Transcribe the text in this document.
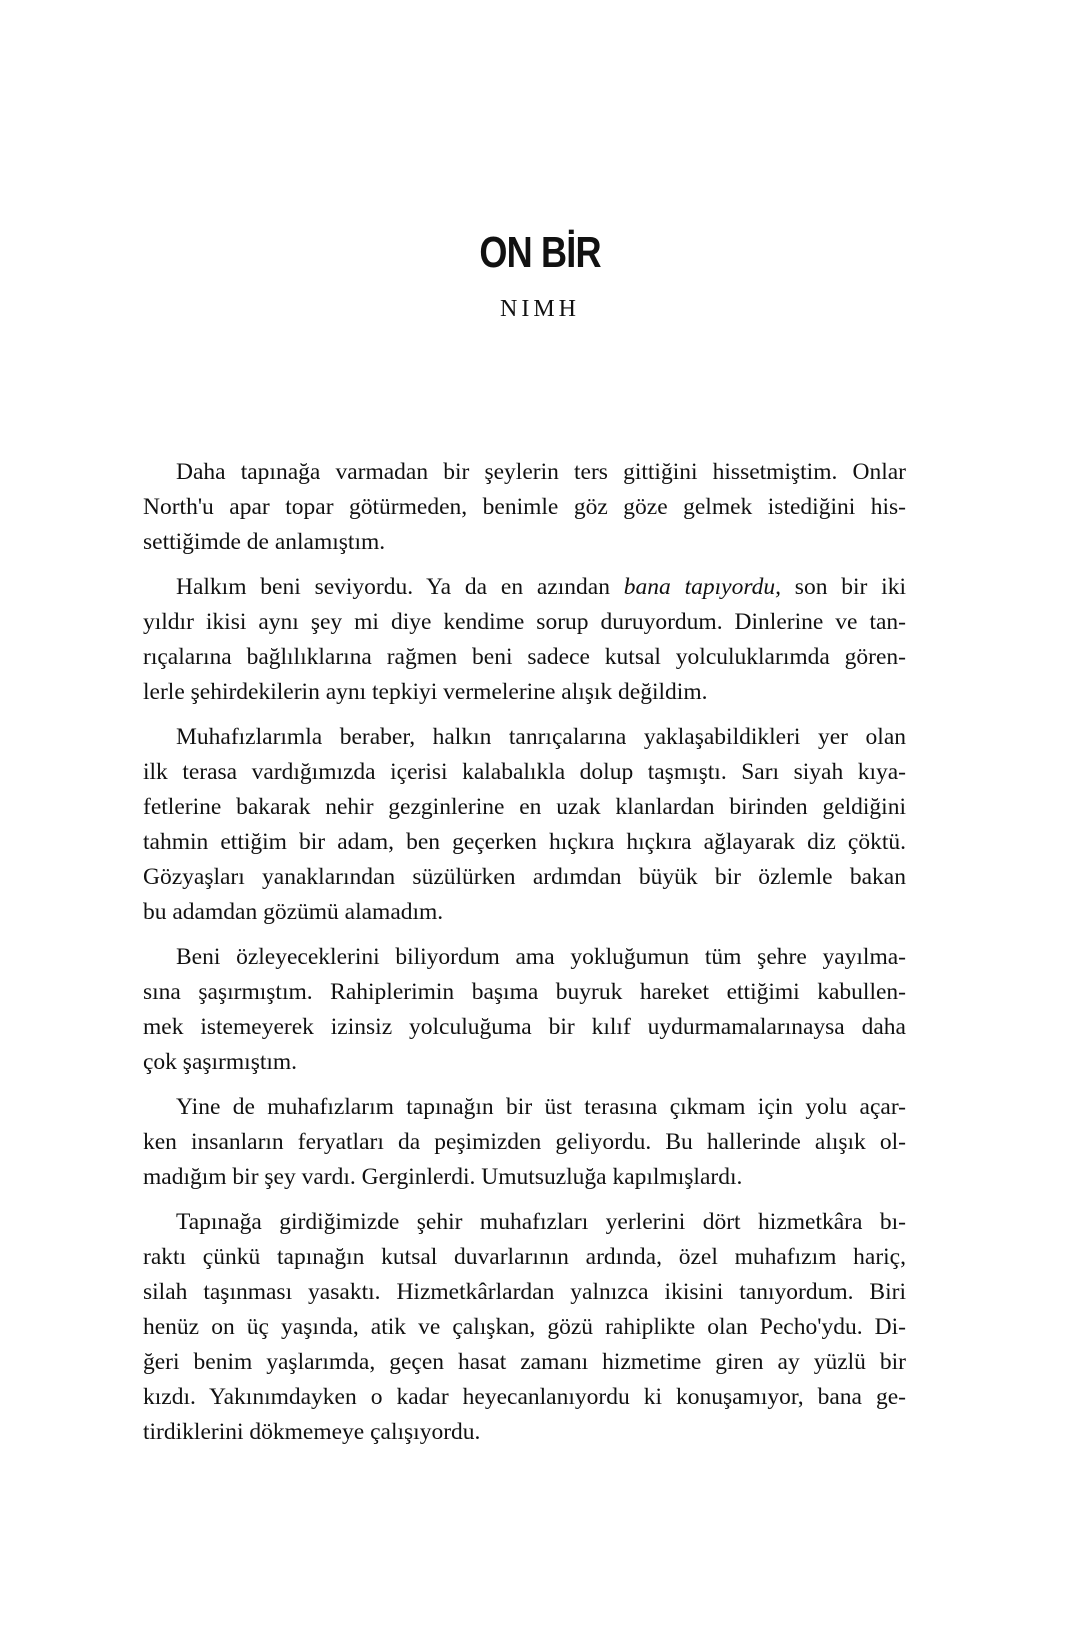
ON BİR
NIMH
Daha tapınağa varmadan bir şeylerin ters gittiğini hissetmiştim. Onlar
North'u apar topar götürmeden, benimle göz göze gelmek istediğini his-
settiğimde de anlamıştım.
Halkım beni seviyordu. Ya da en azından bana tapıyordu, son bir iki
yıldır ikisi aynı şey mi diye kendime sorup duruyordum. Dinlerine ve tan-
rıçalarına bağlılıklarına rağmen beni sadece kutsal yolculuklarımda gören-
lerle şehirdekilerin aynı tepkiyi vermelerine alışık değildim.
Muhafızlarımla beraber, halkın tanrıçalarına yaklaşabildikleri yer olan
ilk terasa vardığımızda içerisi kalabalıkla dolup taşmıştı. Sarı siyah kıya-
fetlerine bakarak nehir gezginlerine en uzak klanlardan birinden geldiğini
tahmin ettiğim bir adam, ben geçerken hıçkıra hıçkıra ağlayarak diz çöktü.
Gözyaşları yanaklarından süzülürken ardımdan büyük bir özlemle bakan
bu adamdan gözümü alamadım.
Beni özleyeceklerini biliyordum ama yokluğumun tüm şehre yayılma-
sına şaşırmıştım. Rahiplerimin başıma buyruk hareket ettiğimi kabullen-
mek istemeyerek izinsiz yolculuğuma bir kılıf uydurmamalarınaysa daha
çok şaşırmıştım.
Yine de muhafızlarım tapınağın bir üst terasına çıkmam için yolu açar-
ken insanların feryatları da peşimizden geliyordu. Bu hallerinde alışık ol-
madığım bir şey vardı. Gerginlerdi. Umutsuzluğa kapılmışlardı.
Tapınağa girdiğimizde şehir muhafızları yerlerini dört hizmetkâra bı-
raktı çünkü tapınağın kutsal duvarlarının ardında, özel muhafızım hariç,
silah taşınması yasaktı. Hizmetkârlardan yalnızca ikisini tanıyordum. Biri
henüz on üç yaşında, atik ve çalışkan, gözü rahiplikte olan Pecho'ydu. Di-
ğeri benim yaşlarımda, geçen hasat zamanı hizmetime giren ay yüzlü bir
kızdı. Yakınımdayken o kadar heyecanlanıyordu ki konuşamıyor, bana ge-
tirdiklerini dökmemeye çalışıyordu.
